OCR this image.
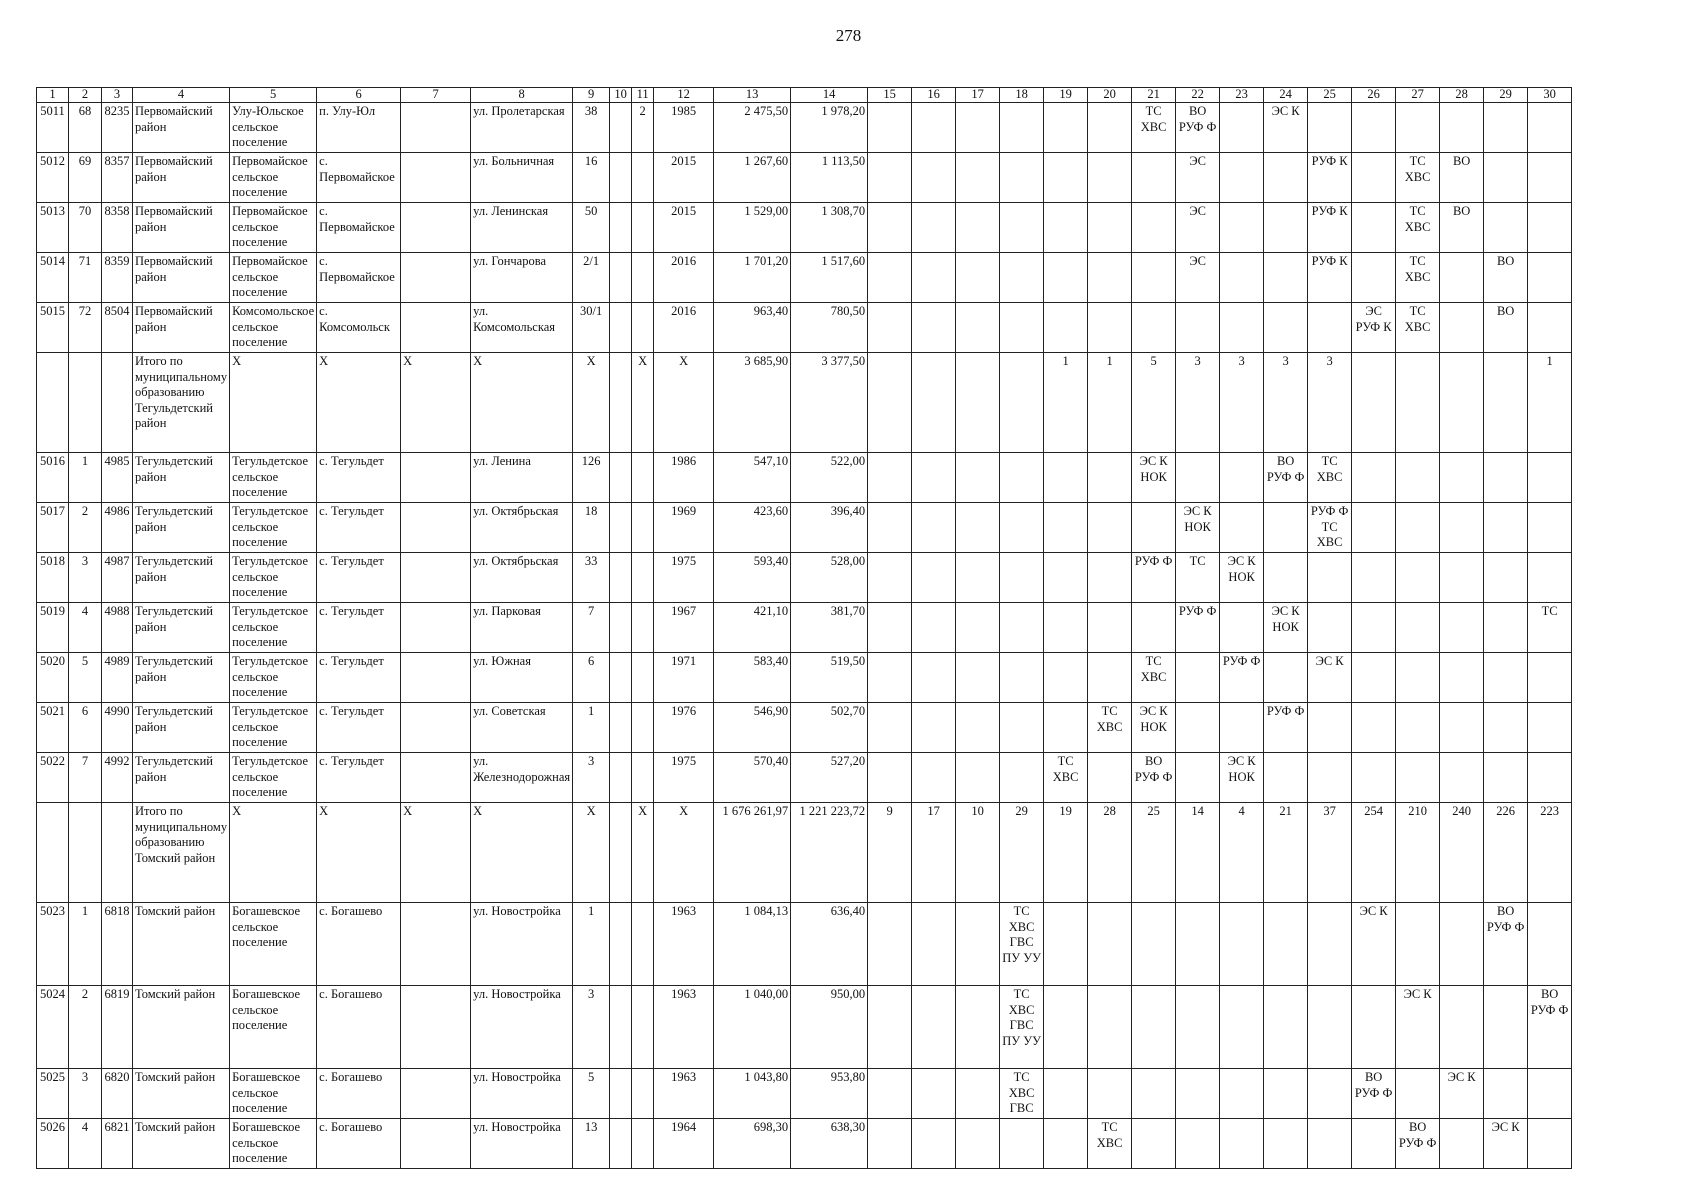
278
1	2	3	4	5	6	7	8	9	10	11	12	13	14	15	16	17	18	19	20	21	22	23	24	25	26	27	28	29	30
5011	68	8235	Первомайский район	Улу-Юльское сельское поселение	п. Улу-Юл		ул. Пролетарская	38		2	1985	2 475,50	1 978,20							ТС ХВС	ВО РУФ Ф		ЭС К						
5012	69	8357	Первомайский район	Первомайское сельское поселение	с. Первомайское		ул. Больничная	16			2015	1 267,60	1 113,50								ЭС			РУФ К		ТС ХВС	ВО		
5013	70	8358	Первомайский район	Первомайское сельское поселение	с. Первомайское		ул. Ленинская	50			2015	1 529,00	1 308,70								ЭС			РУФ К		ТС ХВС	ВО		
5014	71	8359	Первомайский район	Первомайское сельское поселение	с. Первомайское		ул. Гончарова	2/1			2016	1 701,20	1 517,60								ЭС			РУФ К		ТС ХВС		ВО	
5015	72	8504	Первомайский район	Комсомольское сельское поселение	с. Комсомольск		ул. Комсомольская	30/1			2016	963,40	780,50												ЭС РУФ К	ТС ХВС		ВО	
			Итого по муниципальному образованию Тегульдетский район	X	X	X	X	X		X	X	3 685,90	3 377,50					1	1	5	3	3	3	3					1
5016	1	4985	Тегульдетский район	Тегульдетское сельское поселение	с. Тегульдет		ул. Ленина	126			1986	547,10	522,00							ЭС К НОК			ВО РУФ Ф	ТС ХВС					
5017	2	4986	Тегульдетский район	Тегульдетское сельское поселение	с. Тегульдет		ул. Октябрьская	18			1969	423,60	396,40								ЭС К НОК			РУФ Ф ТС ХВС					
5018	3	4987	Тегульдетский район	Тегульдетское сельское поселение	с. Тегульдет		ул. Октябрьская	33			1975	593,40	528,00							РУФ Ф	ТС	ЭС К НОК							
5019	4	4988	Тегульдетский район	Тегульдетское сельское поселение	с. Тегульдет		ул. Парковая	7			1967	421,10	381,70								РУФ Ф		ЭС К НОК						ТС
5020	5	4989	Тегульдетский район	Тегульдетское сельское поселение	с. Тегульдет		ул. Южная	6			1971	583,40	519,50							ТС ХВС		РУФ Ф		ЭС К					
5021	6	4990	Тегульдетский район	Тегульдетское сельское поселение	с. Тегульдет		ул. Советская	1			1976	546,90	502,70						ТС ХВС	ЭС К НОК			РУФ Ф						
5022	7	4992	Тегульдетский район	Тегульдетское сельское поселение	с. Тегульдет		ул. Железнодорожная	3			1975	570,40	527,20					ТС ХВС		ВО РУФ Ф		ЭС К НОК							
			Итого по муниципальному образованию Томский район	X	X	X	X	X		X	X	1 676 261,97	1 221 223,72	9	17	10	29	19	28	25	14	4	21	37	254	210	240	226	223
5023	1	6818	Томский район	Богашевское сельское поселение	с. Богашево		ул. Новостройка	1			1963	1 084,13	636,40				ТС ХВС ГВС ПУ УУ								ЭС К			ВО РУФ Ф	
5024	2	6819	Томский район	Богашевское сельское поселение	с. Богашево		ул. Новостройка	3			1963	1 040,00	950,00				ТС ХВС ГВС ПУ УУ									ЭС К			ВО РУФ Ф
5025	3	6820	Томский район	Богашевское сельское поселение	с. Богашево		ул. Новостройка	5			1963	1 043,80	953,80				ТС ХВС ГВС								ВО РУФ Ф		ЭС К		
5026	4	6821	Томский район	Богашевское сельское поселение	с. Богашево		ул. Новостройка	13			1964	698,30	638,30						ТС ХВС							ВО РУФ Ф		ЭС К	
